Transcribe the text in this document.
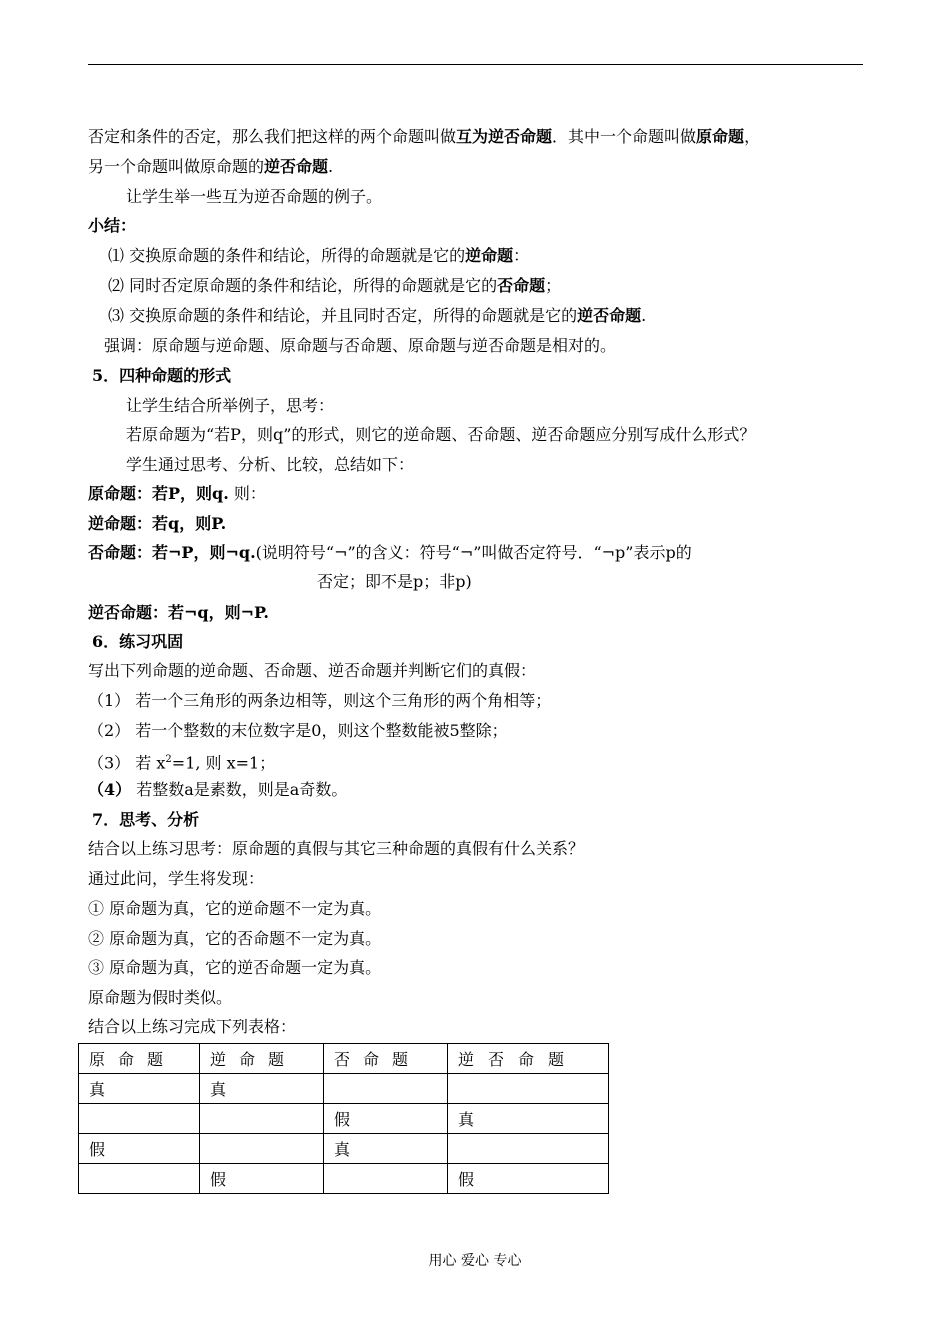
否定和条件的否定，那么我们把这样的两个命题叫做互为逆否命题．其中一个命题叫做原命题，
另一个命题叫做原命题的逆否命题.
让学生举一些互为逆否命题的例子。
小结：
⑴ 交换原命题的条件和结论，所得的命题就是它的逆命题：
⑵ 同时否定原命题的条件和结论，所得的命题就是它的否命题；
⑶ 交换原命题的条件和结论，并且同时否定，所得的命题就是它的逆否命题.
强调：原命题与逆命题、原命题与否命题、原命题与逆否命题是相对的。
5．四种命题的形式
让学生结合所举例子，思考：
若原命题为“若P，则q”的形式，则它的逆命题、否命题、逆否命题应分别写成什么形式？
学生通过思考、分析、比较，总结如下：
原命题：若P，则q. 则：
逆命题：若q，则P.
否命题：若¬P，则¬q.(说明符号“¬”的含义：符号“¬”叫做否定符号．“¬p”表示p的
否定；即不是p；非p)
逆否命题：若¬q，则¬P.
6．练习巩固
写出下列命题的逆命题、否命题、逆否命题并判断它们的真假：
（1） 若一个三角形的两条边相等，则这个三角形的两个角相等；
（2） 若一个整数的末位数字是0，则这个整数能被5整除；
（3） 若 $x^2=1$, 则 x=1；
（4） 若整数a是素数，则是a奇数。
7．思考、分析
结合以上练习思考：原命题的真假与其它三种命题的真假有什么关系？
通过此问，学生将发现：
① 原命题为真，它的逆命题不一定为真。
② 原命题为真，它的否命题不一定为真。
③ 原命题为真，它的逆否命题一定为真。
原命题为假时类似。
结合以上练习完成下列表格：
原命题	逆命题	否命题	逆否命题
真	真		
		假	真
假		真	
	假		假
用心 爱心 专心
